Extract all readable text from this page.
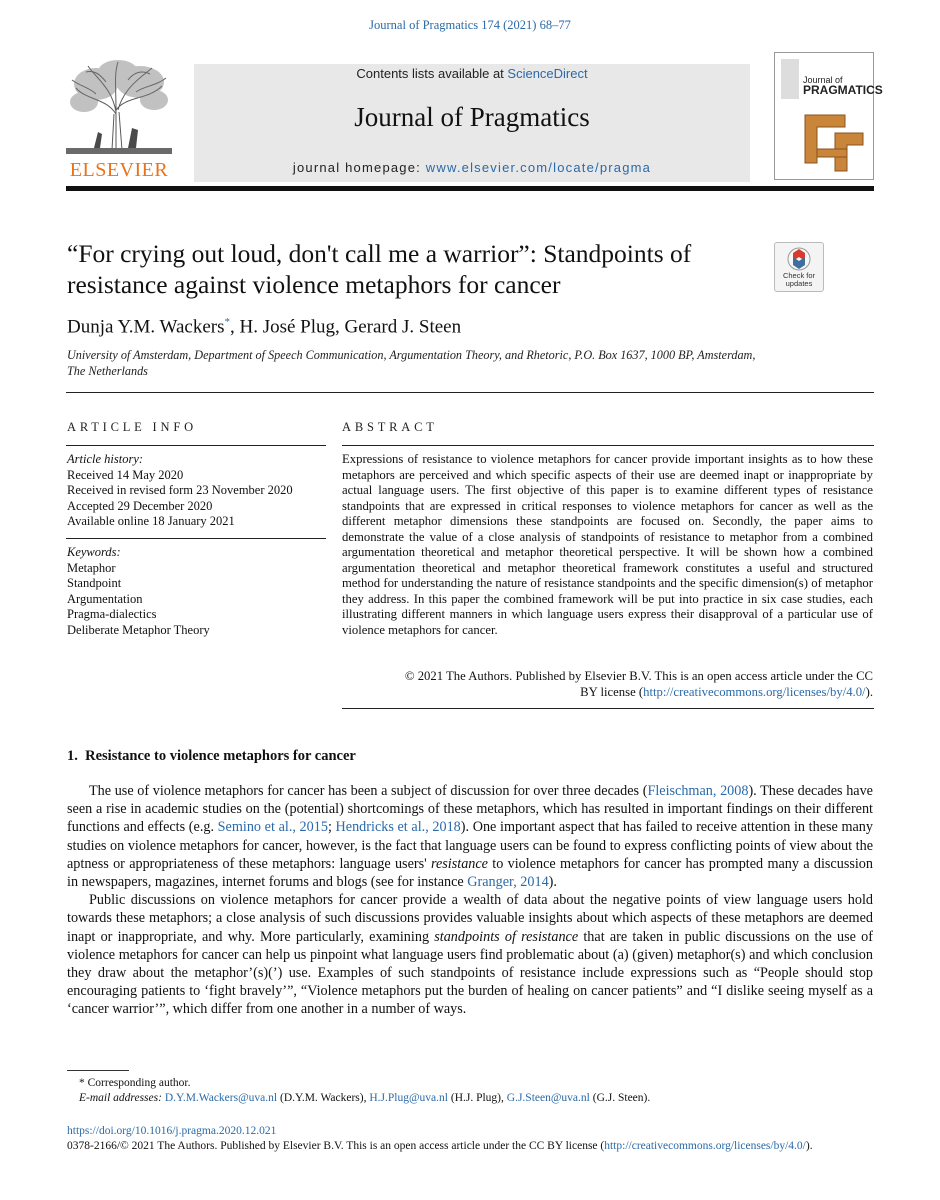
Journal of Pragmatics 174 (2021) 68–77
ELSEVIER
Contents lists available at ScienceDirect
Journal of Pragmatics
journal homepage: www.elsevier.com/locate/pragma
Journal of
PRAGMATICS
“For crying out loud, don't call me a warrior”: Standpoints of resistance against violence metaphors for cancer	Check for updates
Dunja Y.M. Wackers*, H. José Plug, Gerard J. Steen
University of Amsterdam, Department of Speech Communication, Argumentation Theory, and Rhetoric, P.O. Box 1637, 1000 BP, Amsterdam, The Netherlands
ARTICLE INFO	ABSTRACT
Article history:
Received 14 May 2020
Received in revised form 23 November 2020
Accepted 29 December 2020
Available online 18 January 2021
Keywords:
Metaphor
Standpoint
Argumentation
Pragma-dialectics
Deliberate Metaphor Theory
Expressions of resistance to violence metaphors for cancer provide important insights as to how these metaphors are perceived and which specific aspects of their use are deemed inapt or inappropriate by actual language users. The first objective of this paper is to examine different types of resistance standpoints that are expressed in critical responses to violence metaphors for cancer as well as the different metaphor dimensions these standpoints are focused on. Secondly, the paper aims to demonstrate the value of a close analysis of standpoints of resistance to metaphor from a combined argumentation theoretical and metaphor theoretical perspective. It will be shown how a combined argumentation theoretical and metaphor theoretical framework constitutes a useful and structured method for understanding the nature of resistance standpoints and the specific dimension(s) of metaphor they address. In this paper the combined framework will be put into practice in six case studies, each illustrating different manners in which language users express their disapproval of a particular use of violence metaphors for cancer.
© 2021 The Authors. Published by Elsevier B.V. This is an open access article under the CC
BY license (http://creativecommons.org/licenses/by/4.0/).
1. Resistance to violence metaphors for cancer

The use of violence metaphors for cancer has been a subject of discussion for over three decades (Fleischman, 2008). These decades have seen a rise in academic studies on the (potential) shortcomings of these metaphors, which has resulted in important findings on their different functions and effects (e.g. Semino et al., 2015; Hendricks et al., 2018). One important aspect that has failed to receive attention in these many studies on violence metaphors for cancer, however, is the fact that language users can be found to express conflicting points of view about the aptness or appropriateness of these metaphors: language users' resistance to violence metaphors for cancer has prompted many a discussion in newspapers, magazines, internet forums and blogs (see for instance Granger, 2014).

Public discussions on violence metaphors for cancer provide a wealth of data about the negative points of view language users hold towards these metaphors; a close analysis of such discussions provides valuable insights about which aspects of these metaphors are deemed inapt or inappropriate, and why. More particularly, examining standpoints of resistance that are taken in public discussions on the use of violence metaphors for cancer can help us pinpoint what language users find problematic about (a) (given) metaphor(s) and which conclusion they draw about the metaphor’(s)(’) use. Examples of such standpoints of resistance include expressions such as “People should stop encouraging patients to ‘fight bravely’”, “Violence metaphors put the burden of healing on cancer patients” and “I dislike seeing myself as a ‘cancer warrior’”, which differ from one another in a number of ways.

* Corresponding author.
E-mail addresses: D.Y.M.Wackers@uva.nl (D.Y.M. Wackers), H.J.Plug@uva.nl (H.J. Plug), G.J.Steen@uva.nl (G.J. Steen).
https://doi.org/10.1016/j.pragma.2020.12.021
0378-2166/© 2021 The Authors. Published by Elsevier B.V. This is an open access article under the CC BY license (http://creativecommons.org/licenses/by/4.0/).
